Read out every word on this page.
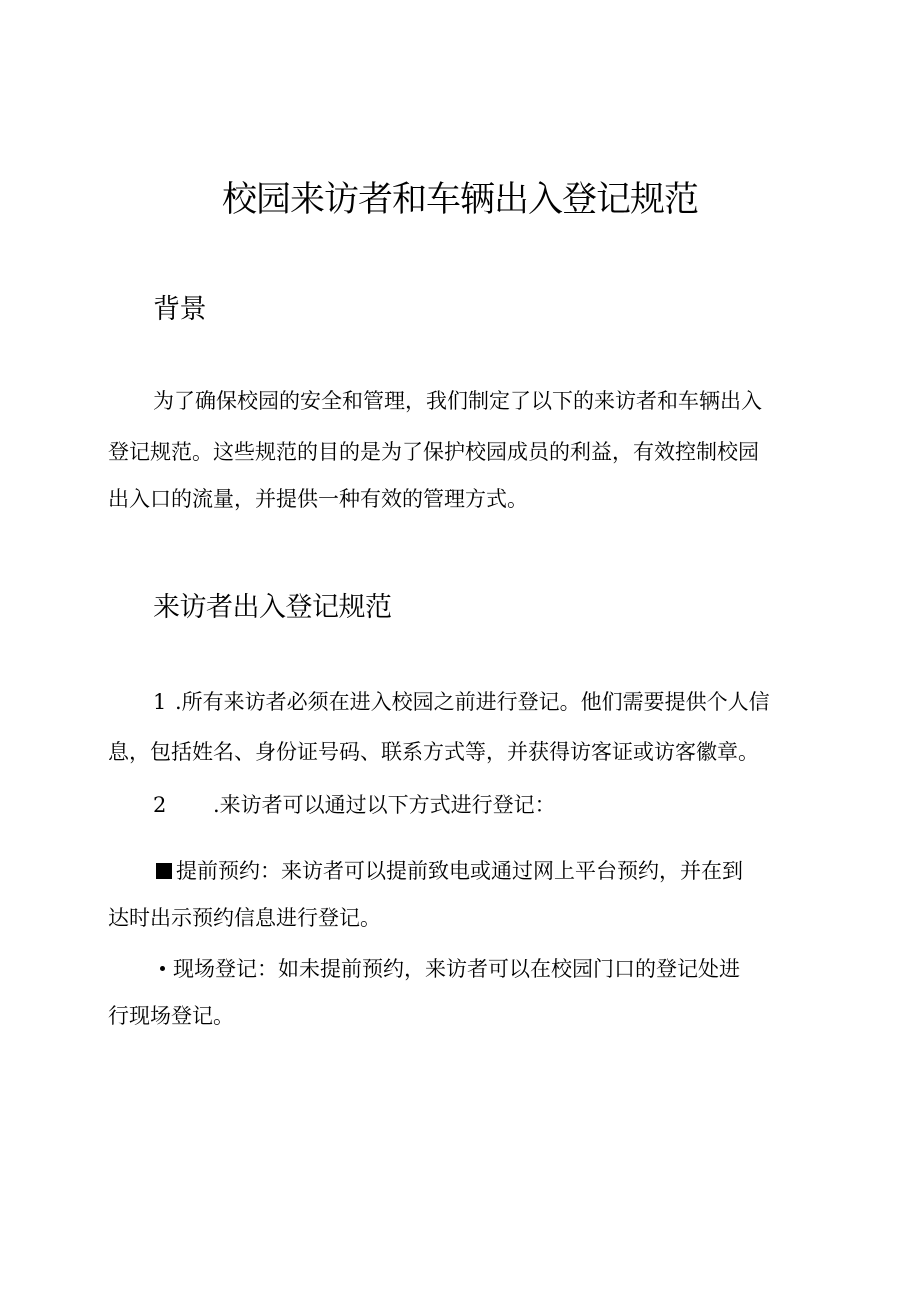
校园来访者和车辆出入登记规范
背景
为了确保校园的安全和管理，我们制定了以下的来访者和车辆出入
登记规范。这些规范的目的是为了保护校园成员的利益，有效控制校园
出入口的流量，并提供一种有效的管理方式。
来访者出入登记规范
1 .所有来访者必须在进入校园之前进行登记。他们需要提供个人信
息，包括姓名、身份证号码、联系方式等，并获得访客证或访客徽章。
2 .来访者可以通过以下方式进行登记：
提前预约：来访者可以提前致电或通过网上平台预约，并在到
达时出示预约信息进行登记。
现场登记：如未提前预约，来访者可以在校园门口的登记处进
行现场登记。
